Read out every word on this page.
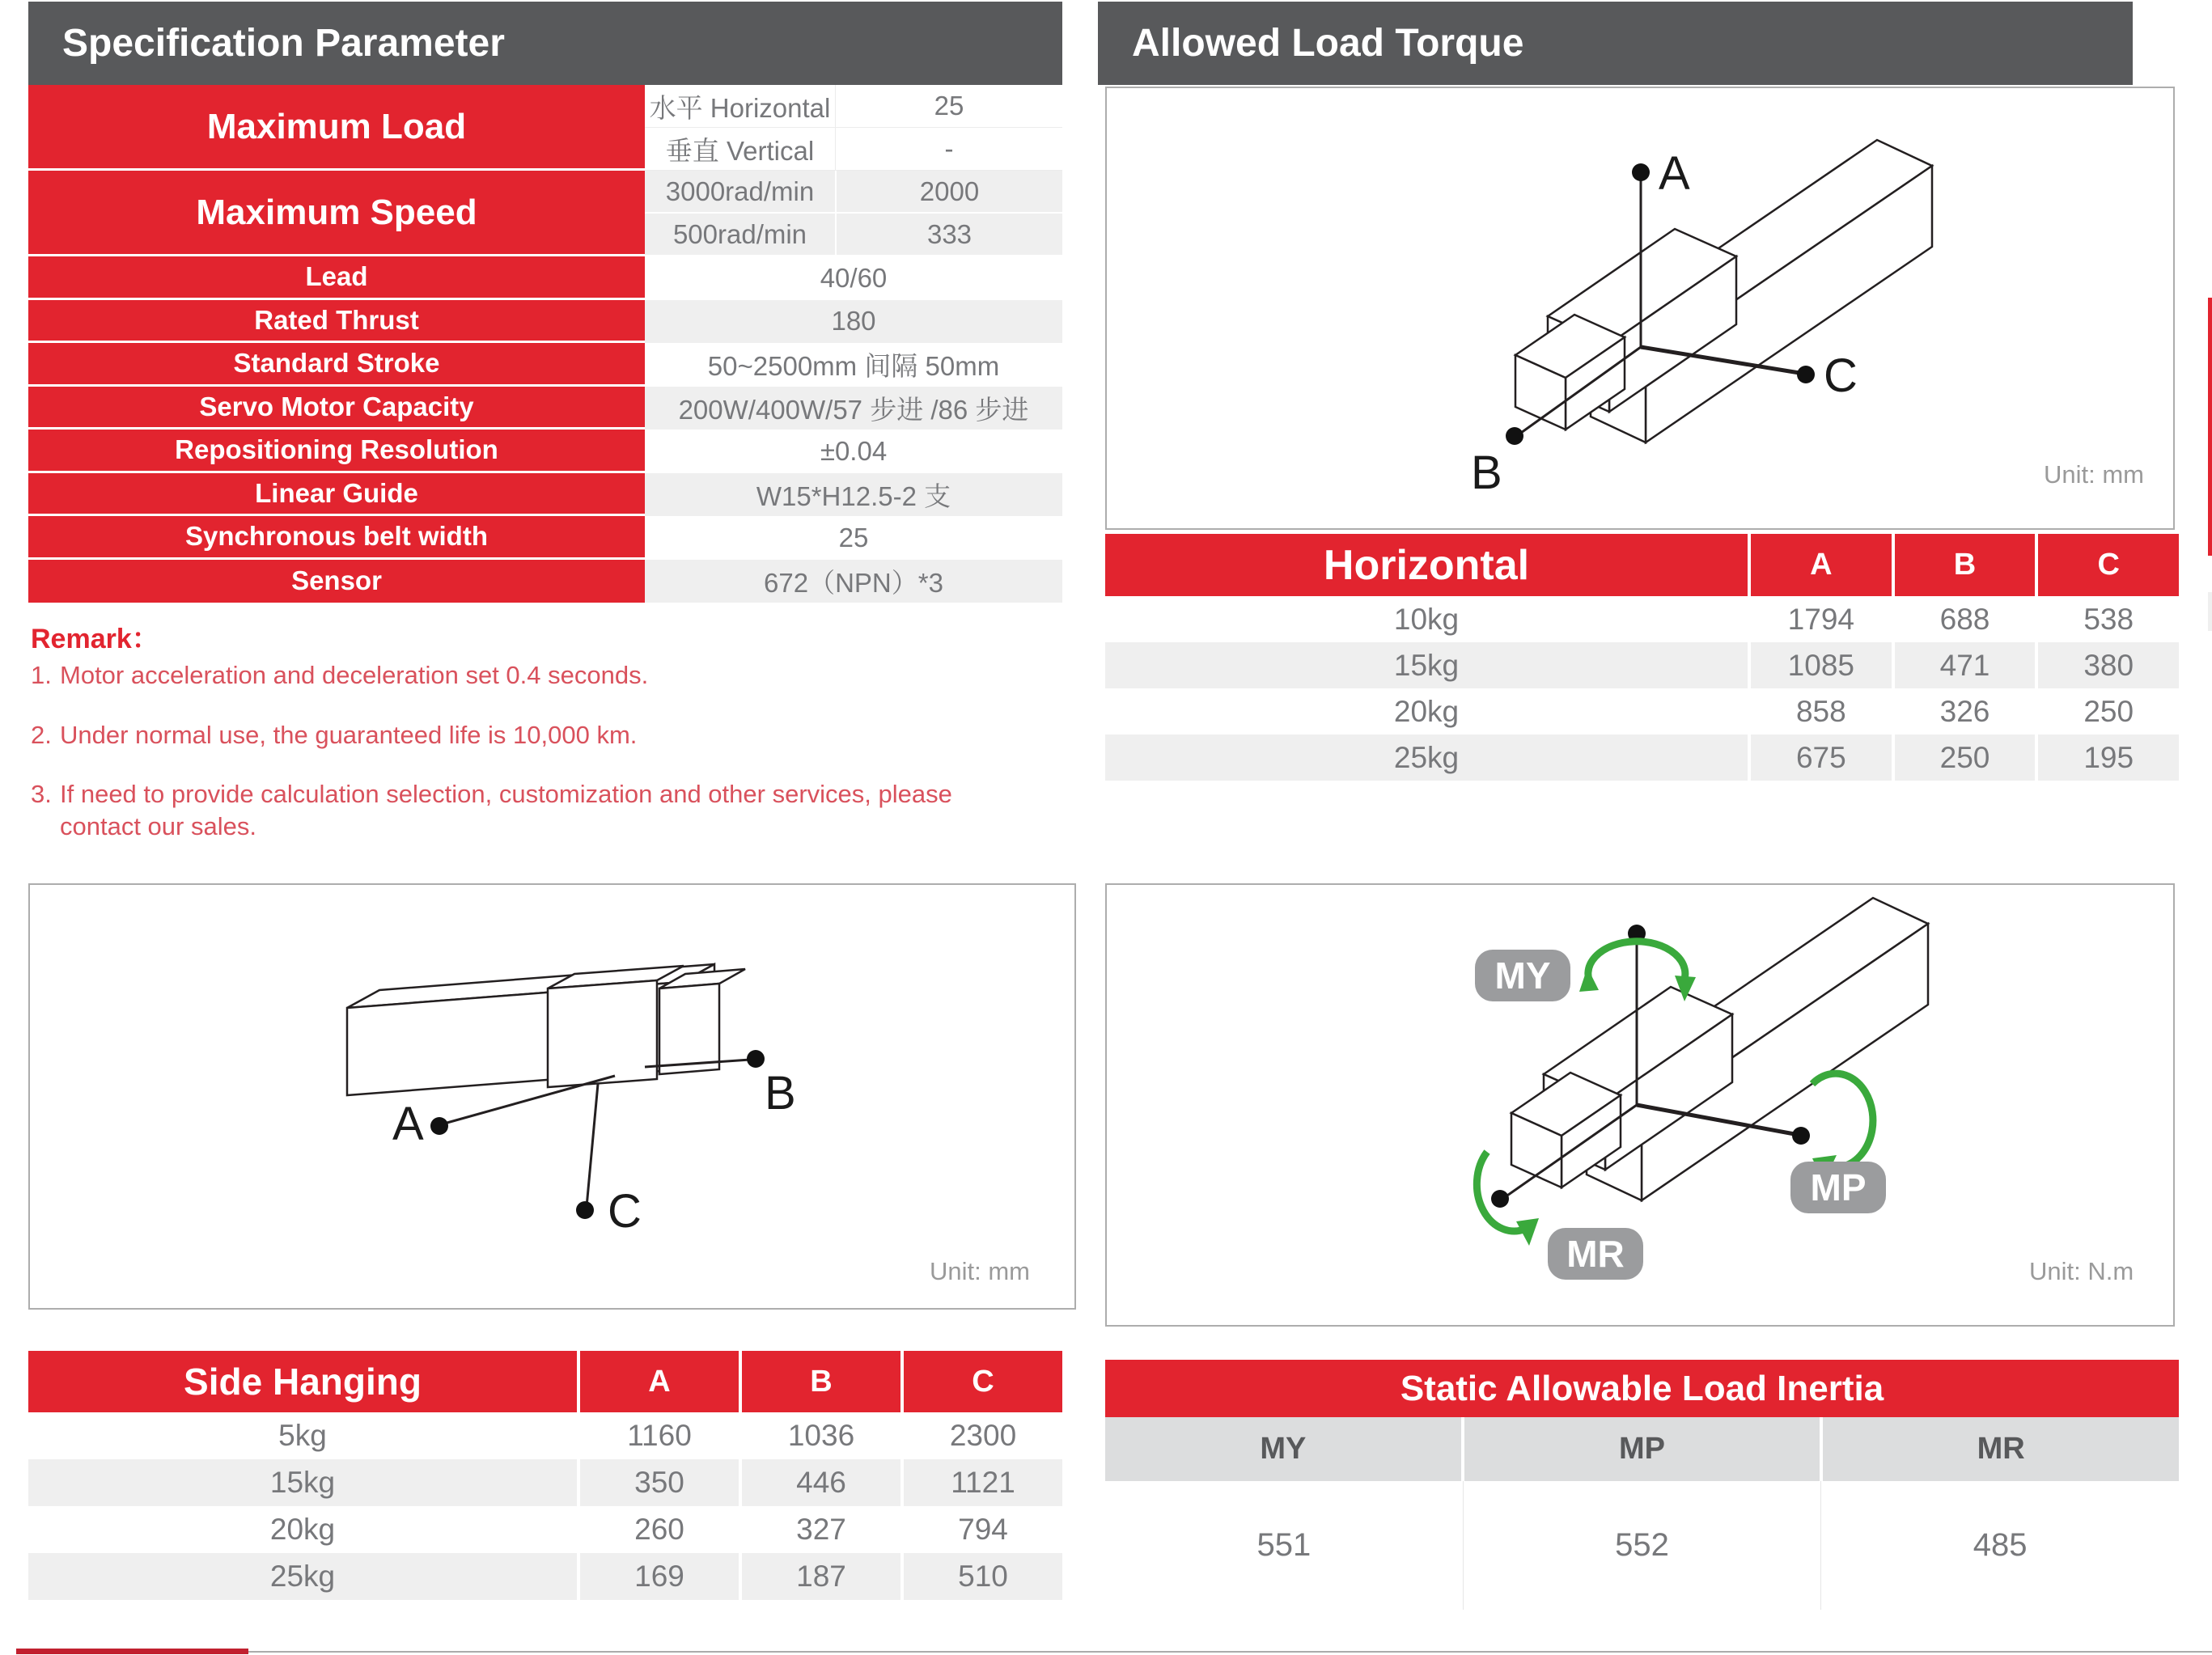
Specification Parameter	Allowed Load Torque
Maximum Load	水平 Horizontal	25
垂直 Vertical	-
Maximum Speed
3000rad/min	2000
500rad/min	333
Lead	40/60
Rated Thrust	180
Standard Stroke	50~2500mm 间隔 50mm
Servo Motor Capacity	200W/400W/57 步进 /86 步进
Repositioning Resolution	±0.04
Linear Guide	W15*H12.5-2 支
Synchronous belt width	25
Sensor	672（NPN）*3
Remark：
1. Motor acceleration and deceleration set 0.4 seconds.
2. Under normal use, the guaranteed life is 10,000 km.
3. If need to provide calculation selection, customization and other services, please contact our sales.
A
B
C
Unit: mm
Side Hanging	A	B	C
5kg	1160	1036	2300
15kg	350	446	1121
20kg	260	327	794
25kg	169	187	510
A
B
C
Unit: mm
Horizontal	A	B	C
10kg	1794	688	538
15kg	1085	471	380
20kg	858	326	250
25kg	675	250	195
MY
MP
MR	Unit: N.m
Static Allowable Load Inertia
MY	MP	MR
551	552	485
